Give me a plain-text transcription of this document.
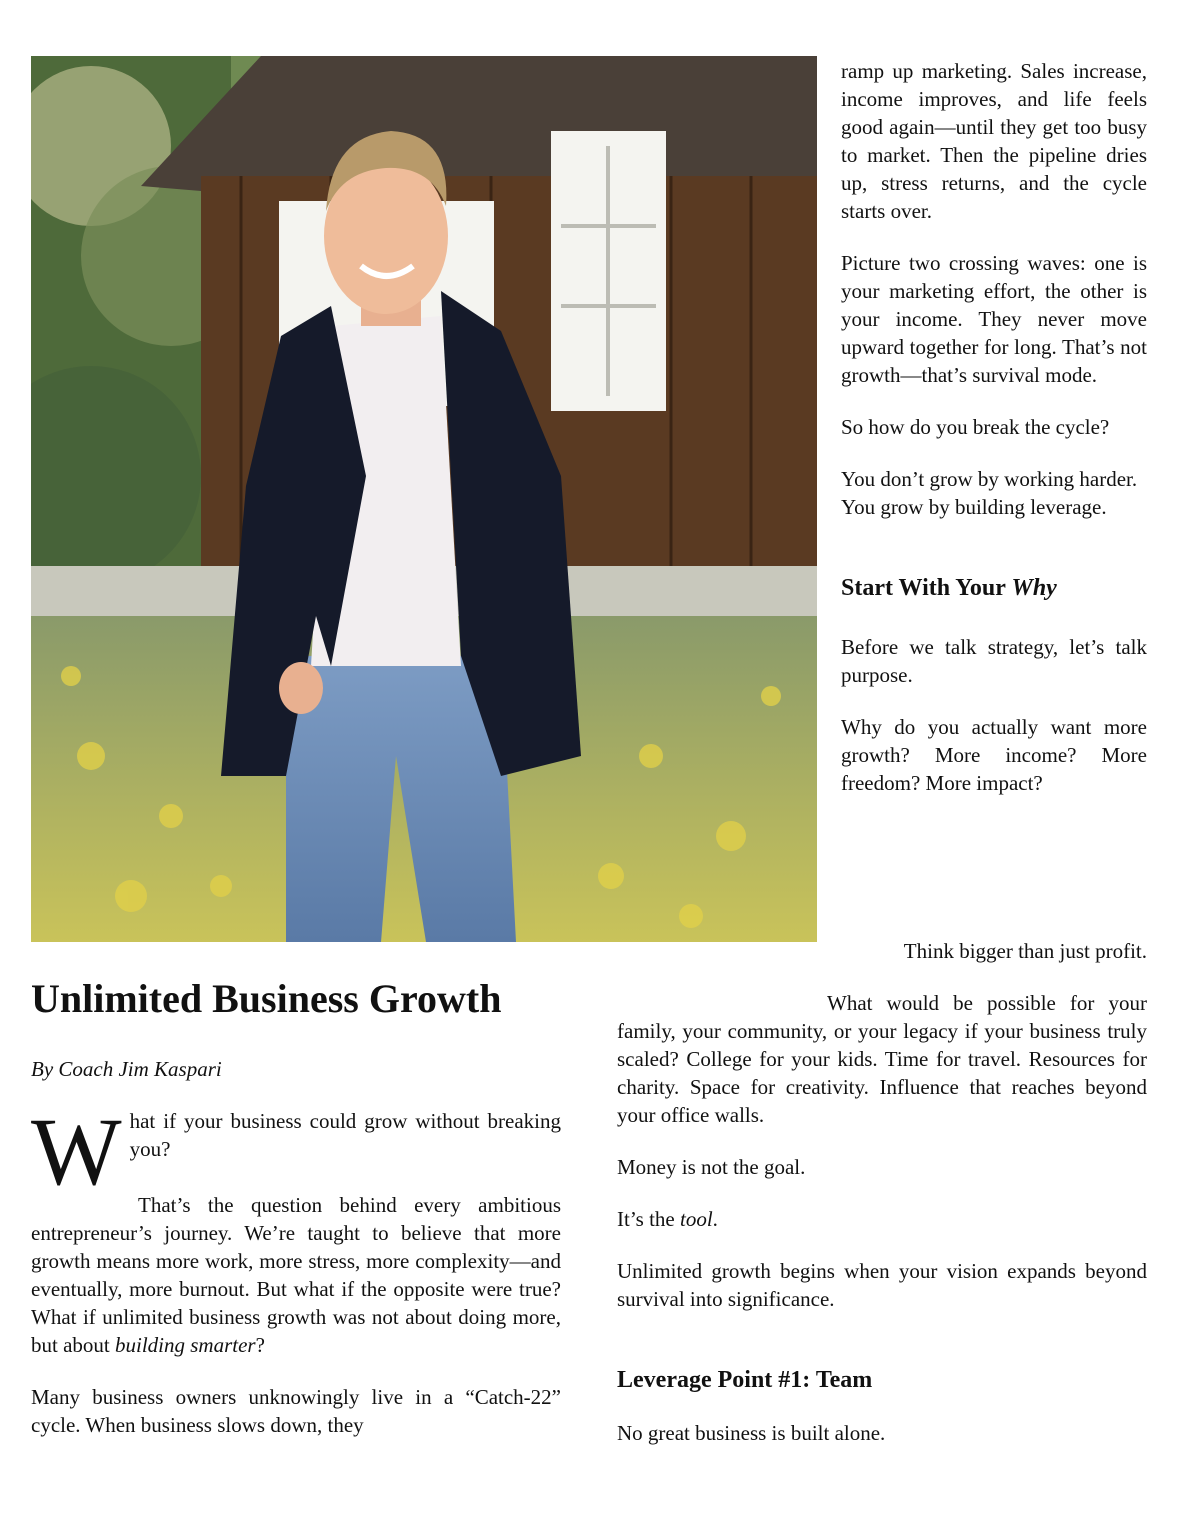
ramp up marketing. Sales increase, income improves, and life feels good again—until they get too busy to market. Then the pipeline dries up, stress returns, and the cycle starts over.

Picture two crossing waves: one is your marketing effort, the other is your income. They never move upward together for long. That’s not growth—that’s survival mode.

So how do you break the cycle?

You don’t grow by working harder.

You grow by building leverage.

Start With Your Why

Before we talk strategy, let’s talk purpose.

Why do you actually want more growth? More income? More freedom? More impact?

Think bigger than just profit.

What would be possible for your family, your community, or your legacy if your business truly scaled? College for your kids. Time for travel. Resources for charity. Space for creativity. Influence that reaches beyond your office walls.

Money is not the goal.

It’s the tool.

Unlimited growth begins when your vision expands beyond survival into significance.

Leverage Point #1: Team

No great business is built alone.

Unlimited Business Growth

By Coach Jim Kaspari

W hat if your business could grow without breaking you?

That’s the question behind every ambitious entrepreneur’s journey. We’re taught to believe that more growth means more work, more stress, more complexity—and eventually, more burnout. But what if the opposite were true? What if unlimited business growth was not about doing more, but about building smarter?

Many business owners unknowingly live in a “Catch-22” cycle. When business slows down, they
